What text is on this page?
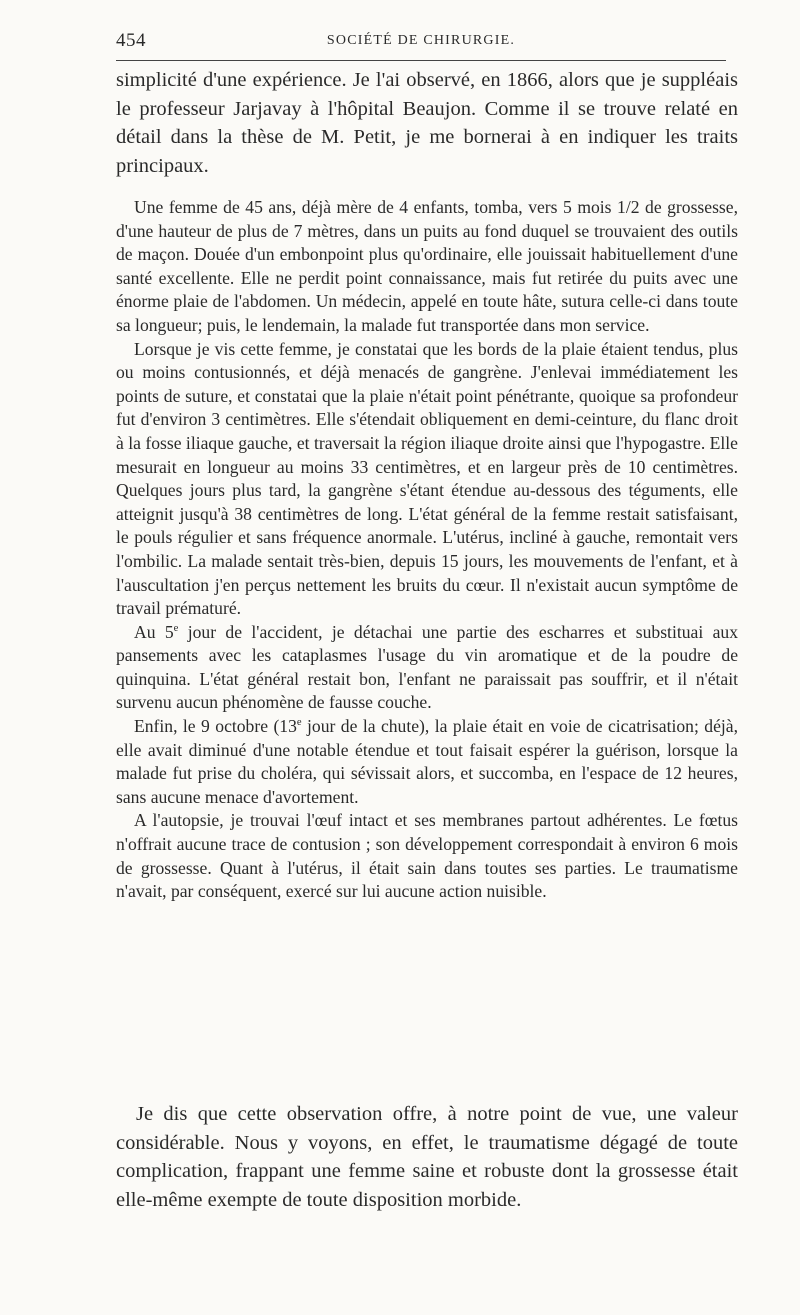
454	SOCIÉTÉ DE CHIRURGIE.

simplicité d'une expérience. Je l'ai observé, en 1866, alors que je suppléais le professeur Jarjavay à l'hôpital Beaujon. Comme il se trouve relaté en détail dans la thèse de M. Petit, je me bornerai à en indiquer les traits principaux.

Une femme de 45 ans, déjà mère de 4 enfants, tomba, vers 5 mois 1/2 de grossesse, d'une hauteur de plus de 7 mètres, dans un puits au fond duquel se trouvaient des outils de maçon. Douée d'un embonpoint plus qu'ordinaire, elle jouissait habituellement d'une santé excellente. Elle ne perdit point connaissance, mais fut retirée du puits avec une énorme plaie de l'abdomen. Un médecin, appelé en toute hâte, sutura celle-ci dans toute sa longueur; puis, le lendemain, la malade fut transportée dans mon service.

Lorsque je vis cette femme, je constatai que les bords de la plaie étaient tendus, plus ou moins contusionnés, et déjà menacés de gangrène. J'enlevai immédiatement les points de suture, et constatai que la plaie n'était point pénétrante, quoique sa profondeur fut d'environ 3 centimètres. Elle s'étendait obliquement en demi-ceinture, du flanc droit à la fosse iliaque gauche, et traversait la région iliaque droite ainsi que l'hypogastre. Elle mesurait en longueur au moins 33 centimètres, et en largeur près de 10 centimètres. Quelques jours plus tard, la gangrène s'étant étendue au-dessous des téguments, elle atteignit jusqu'à 38 centimètres de long. L'état général de la femme restait satisfaisant, le pouls régulier et sans fréquence anormale. L'utérus, incliné à gauche, remontait vers l'ombilic. La malade sentait très-bien, depuis 15 jours, les mouvements de l'enfant, et à l'auscultation j'en perçus nettement les bruits du cœur. Il n'existait aucun symptôme de travail prématuré.

Au 5e jour de l'accident, je détachai une partie des escharres et substituai aux pansements avec les cataplasmes l'usage du vin aromatique et de la poudre de quinquina. L'état général restait bon, l'enfant ne paraissait pas souffrir, et il n'était survenu aucun phénomène de fausse couche.

Enfin, le 9 octobre (13e jour de la chute), la plaie était en voie de cicatrisation; déjà, elle avait diminué d'une notable étendue et tout faisait espérer la guérison, lorsque la malade fut prise du choléra, qui sévissait alors, et succomba, en l'espace de 12 heures, sans aucune menace d'avortement.

A l'autopsie, je trouvai l'œuf intact et ses membranes partout adhérentes. Le fœtus n'offrait aucune trace de contusion ; son développement correspondait à environ 6 mois de grossesse. Quant à l'utérus, il était sain dans toutes ses parties. Le traumatisme n'avait, par conséquent, exercé sur lui aucune action nuisible.

Je dis que cette observation offre, à notre point de vue, une valeur considérable. Nous y voyons, en effet, le traumatisme dégagé de toute complication, frappant une femme saine et robuste dont la grossesse était elle-même exempte de toute disposition morbide.
